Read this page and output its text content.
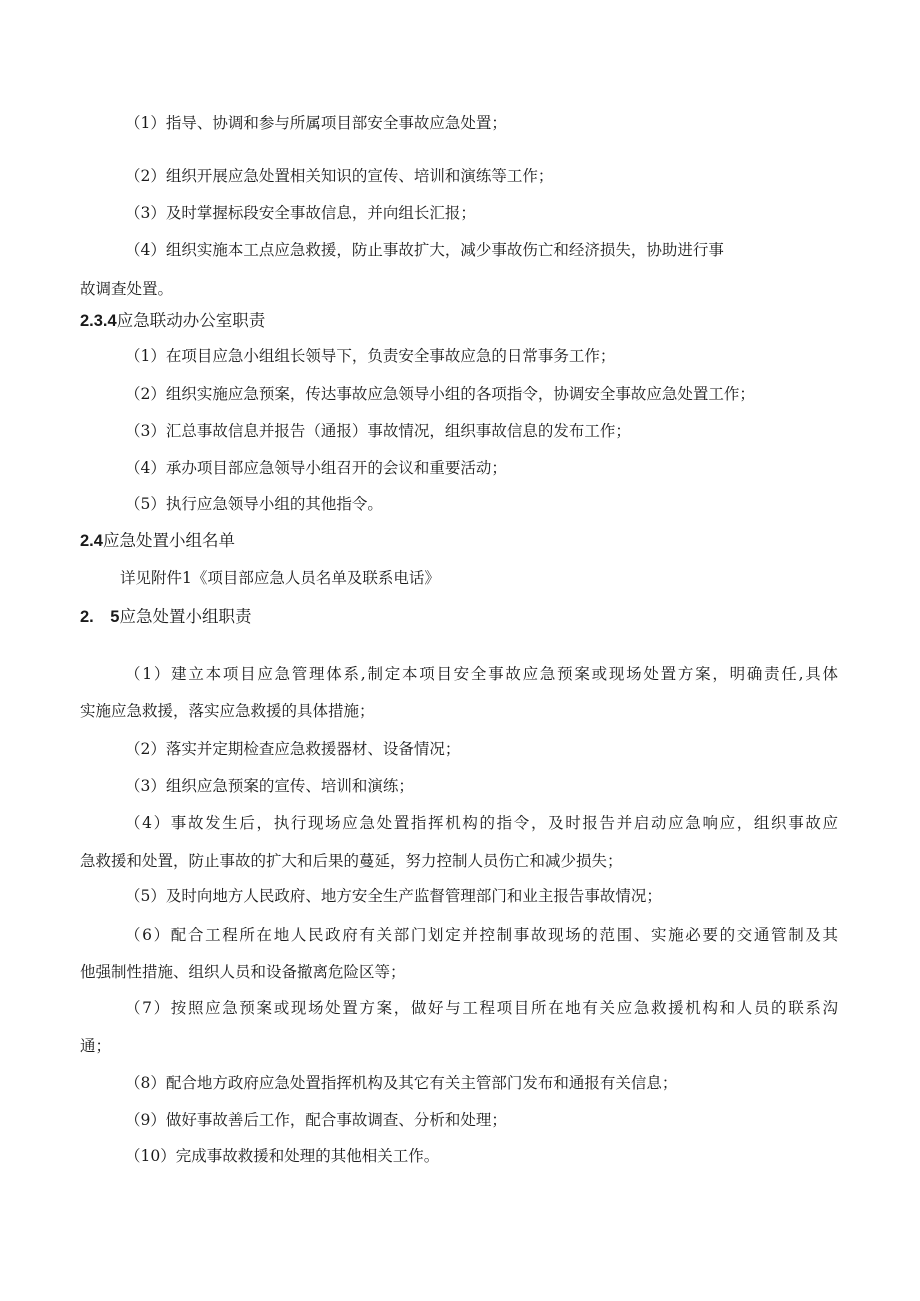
（1）指导、协调和参与所属项目部安全事故应急处置；

（2）组织开展应急处置相关知识的宣传、培训和演练等工作；

（3）及时掌握标段安全事故信息，并向组长汇报；

（4）组织实施本工点应急救援，防止事故扩大，减少事故伤亡和经济损失，协助进行事

故调查处置。

2.3.4应急联动办公室职责

（1）在项目应急小组组长领导下，负责安全事故应急的日常事务工作；

（2）组织实施应急预案，传达事故应急领导小组的各项指令，协调安全事故应急处置工作；

（3）汇总事故信息并报告（通报）事故情况，组织事故信息的发布工作；

（4）承办项目部应急领导小组召开的会议和重要活动；

（5）执行应急领导小组的其他指令。

2.4应急处置小组名单

详见附件1《项目部应急人员名单及联系电话》

2.　5应急处置小组职责

（1）建立本项目应急管理体系,制定本项目安全事故应急预案或现场处置方案，明确责任,具体

实施应急救援，落实应急救援的具体措施；

（2）落实并定期检查应急救援器材、设备情况；

（3）组织应急预案的宣传、培训和演练；

（4）事故发生后，执行现场应急处置指挥机构的指令，及时报告并启动应急响应，组织事故应

急救援和处置，防止事故的扩大和后果的蔓延，努力控制人员伤亡和减少损失；

（5）及时向地方人民政府、地方安全生产监督管理部门和业主报告事故情况；

（6）配合工程所在地人民政府有关部门划定并控制事故现场的范围、实施必要的交通管制及其

他强制性措施、组织人员和设备撤离危险区等；

（7）按照应急预案或现场处置方案，做好与工程项目所在地有关应急救援机构和人员的联系沟

通；

（8）配合地方政府应急处置指挥机构及其它有关主管部门发布和通报有关信息；

（9）做好事故善后工作，配合事故调查、分析和处理；

（10）完成事故救援和处理的其他相关工作。
